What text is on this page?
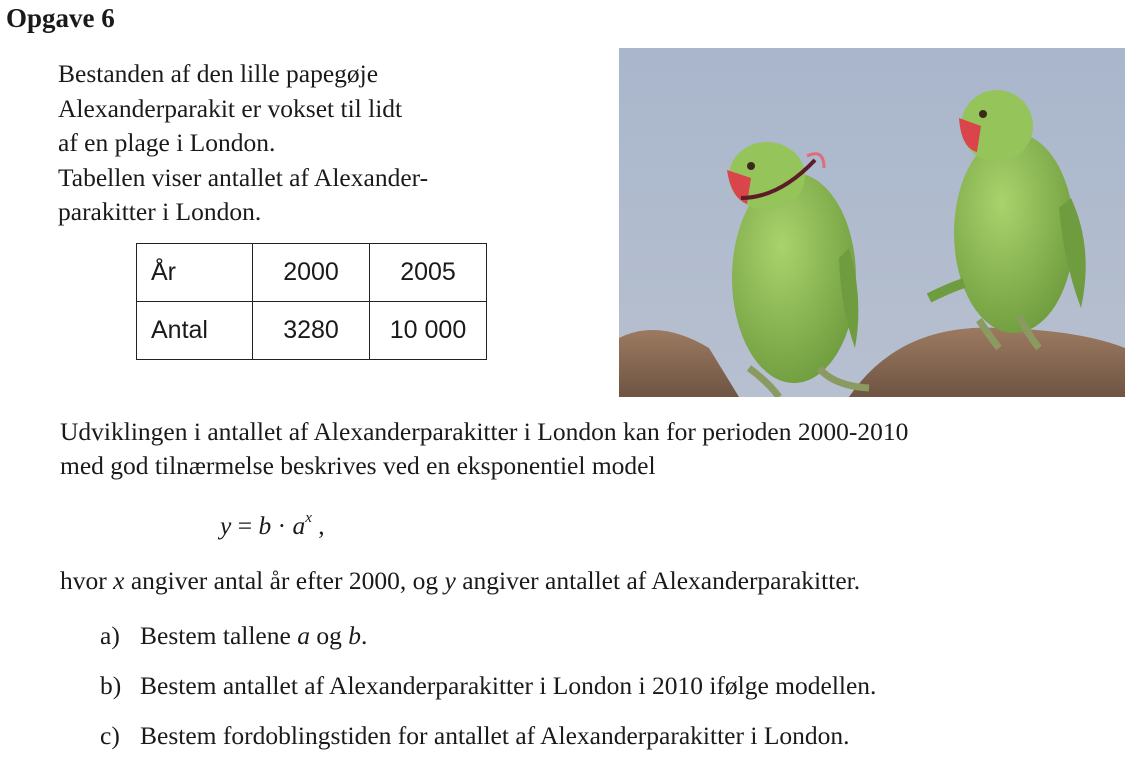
Opgave 6
Bestanden af den lille papegøje
Alexanderparakit er vokset til lidt
af en plage i London.
Tabellen viser antallet af Alexander-
parakitter i London.
År	2000	2005
Antal	3280	10 000
Udviklingen i antallet af Alexanderparakitter i London kan for perioden 2000-2010
med god tilnærmelse beskrives ved en eksponentiel model
$y = b \cdot a^x$ ,
hvor x angiver antal år efter 2000, og y angiver antallet af Alexanderparakitter.
a) Bestem tallene a og b.
b) Bestem antallet af Alexanderparakitter i London i 2010 ifølge modellen.
c) Bestem fordoblingstiden for antallet af Alexanderparakitter i London.
